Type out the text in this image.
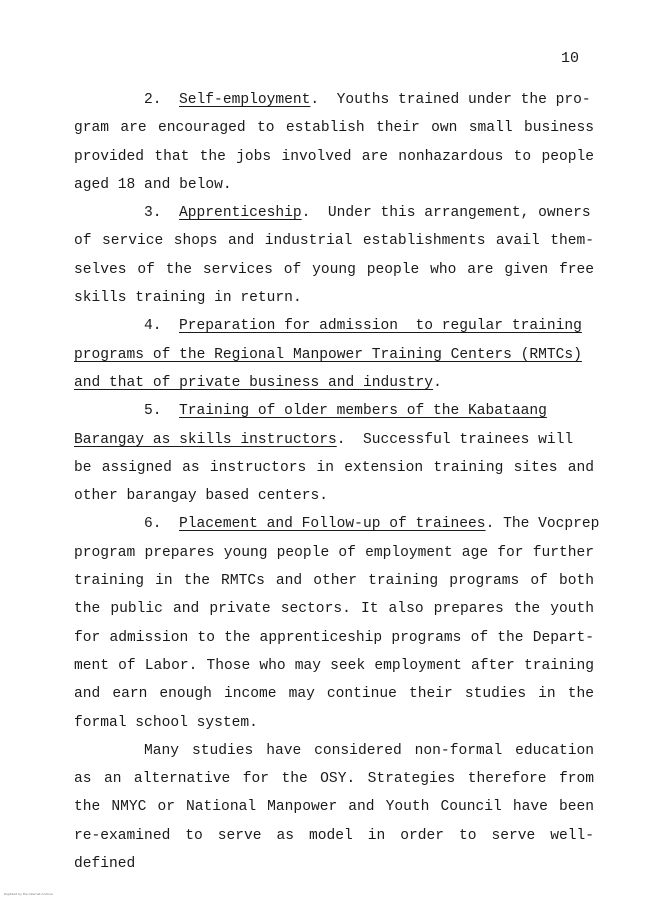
10
2.  Self-employment.  Youths trained under the pro-
gram are encouraged to establish their own small business
provided that the jobs involved are nonhazardous to people
aged 18 and below.
3.  Apprenticeship.  Under this arrangement, owners
of service shops and industrial establishments avail them-
selves of the services of young people who are given free
skills training in return.
4.  Preparation for admission  to regular training
programs of the Regional Manpower Training Centers (RMTCs)
and that of private business and industry.
5.  Training of older members of the Kabataang
Barangay as skills instructors.  Successful trainees will
be assigned as instructors in extension training sites and
other barangay based centers.
6.  Placement and Follow-up of trainees. The Vocprep
program prepares young people of employment age for further
training in the RMTCs and other training programs of both
the public and private sectors. It also prepares the youth
for admission to the apprenticeship programs of the Depart-
ment of Labor. Those who may seek employment after training
and earn enough income may continue their studies in the
formal school system.
Many studies have considered non-formal education
as an alternative for the OSY. Strategies therefore from
the NMYC or National Manpower and Youth Council have been
re-examined to serve as model in order to serve well-defined
Digitized by the Internet Archive
